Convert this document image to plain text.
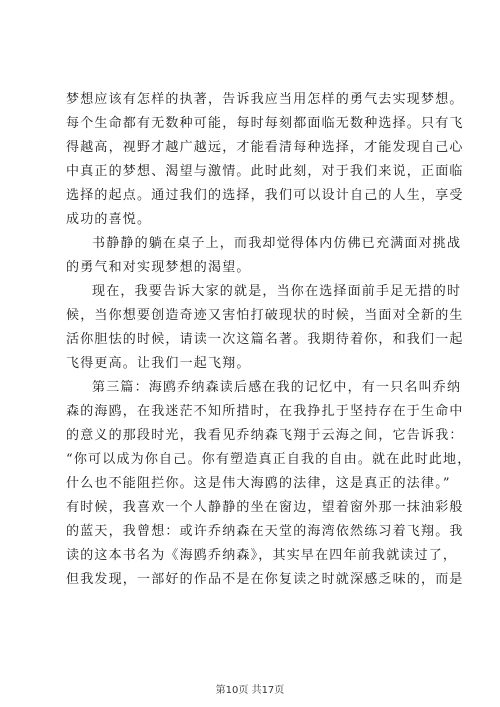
梦想应该有怎样的执著，告诉我应当用怎样的勇气去实现梦想。
每个生命都有无数种可能，每时每刻都面临无数种选择。只有飞
得越高，视野才越广越远，才能看清每种选择，才能发现自己心
中真正的梦想、渴望与激情。此时此刻，对于我们来说，正面临
选择的起点。通过我们的选择，我们可以设计自己的人生，享受
成功的喜悦。
书静静的躺在桌子上，而我却觉得体内仿佛已充满面对挑战
的勇气和对实现梦想的渴望。
现在，我要告诉大家的就是，当你在选择面前手足无措的时
候，当你想要创造奇迹又害怕打破现状的时候，当面对全新的生
活你胆怯的时候，请读一次这篇名著。我期待着你，和我们一起
飞得更高。让我们一起飞翔。
第三篇：海鸥乔纳森读后感在我的记忆中，有一只名叫乔纳
森的海鸥，在我迷茫不知所措时，在我挣扎于坚持存在于生命中
的意义的那段时光，我看见乔纳森飞翔于云海之间，它告诉我：
“你可以成为你自己。你有塑造真正自我的自由。就在此时此地，
什么也不能阻拦你。这是伟大海鸥的法律，这是真正的法律。”
有时候，我喜欢一个人静静的坐在窗边，望着窗外那一抹油彩般
的蓝天，我曾想：或许乔纳森在天堂的海湾依然练习着飞翔。我
读的这本书名为《海鸥乔纳森》，其实早在四年前我就读过了，
但我发现，一部好的作品不是在你复读之时就深感乏味的，而是
第10页 共17页
